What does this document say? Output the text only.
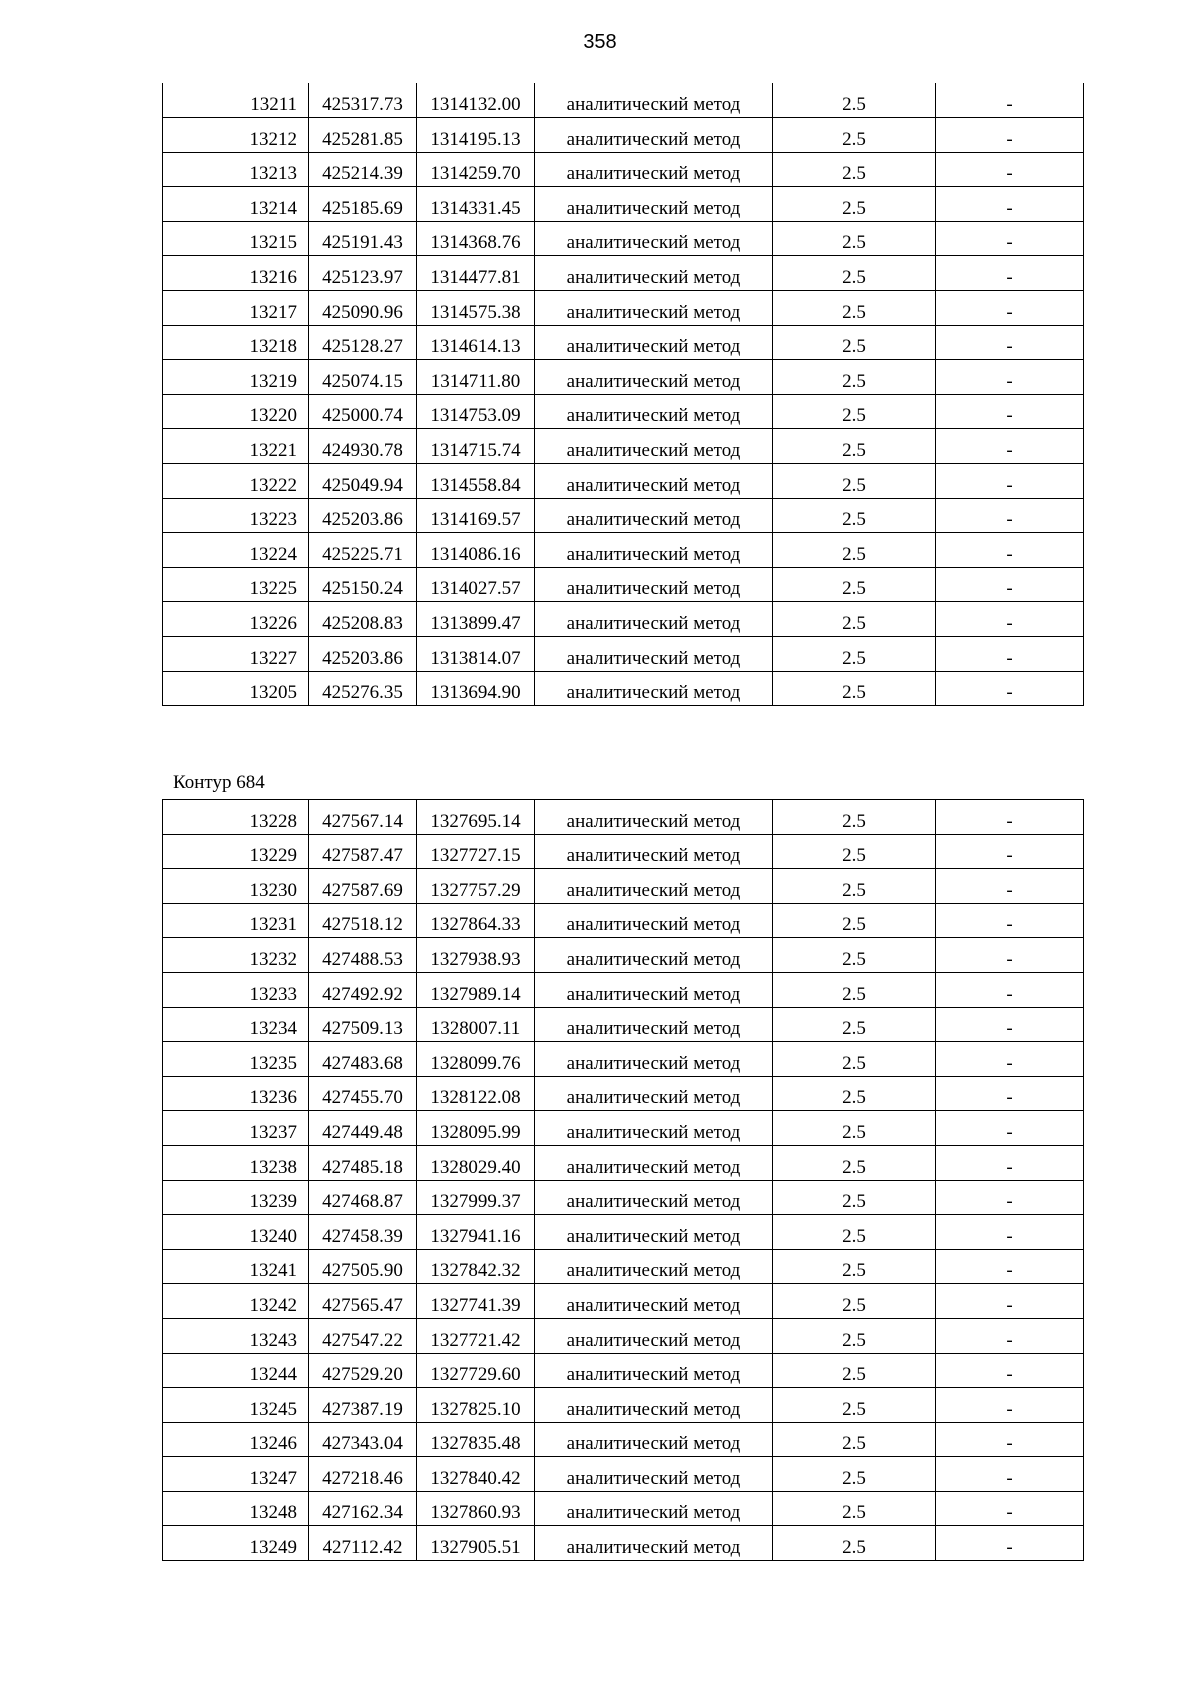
358
13211	425317.73	1314132.00	аналитический метод	2.5	-
13212	425281.85	1314195.13	аналитический метод	2.5	-
13213	425214.39	1314259.70	аналитический метод	2.5	-
13214	425185.69	1314331.45	аналитический метод	2.5	-
13215	425191.43	1314368.76	аналитический метод	2.5	-
13216	425123.97	1314477.81	аналитический метод	2.5	-
13217	425090.96	1314575.38	аналитический метод	2.5	-
13218	425128.27	1314614.13	аналитический метод	2.5	-
13219	425074.15	1314711.80	аналитический метод	2.5	-
13220	425000.74	1314753.09	аналитический метод	2.5	-
13221	424930.78	1314715.74	аналитический метод	2.5	-
13222	425049.94	1314558.84	аналитический метод	2.5	-
13223	425203.86	1314169.57	аналитический метод	2.5	-
13224	425225.71	1314086.16	аналитический метод	2.5	-
13225	425150.24	1314027.57	аналитический метод	2.5	-
13226	425208.83	1313899.47	аналитический метод	2.5	-
13227	425203.86	1313814.07	аналитический метод	2.5	-
13205	425276.35	1313694.90	аналитический метод	2.5	-
Контур 684
13228	427567.14	1327695.14	аналитический метод	2.5	-
13229	427587.47	1327727.15	аналитический метод	2.5	-
13230	427587.69	1327757.29	аналитический метод	2.5	-
13231	427518.12	1327864.33	аналитический метод	2.5	-
13232	427488.53	1327938.93	аналитический метод	2.5	-
13233	427492.92	1327989.14	аналитический метод	2.5	-
13234	427509.13	1328007.11	аналитический метод	2.5	-
13235	427483.68	1328099.76	аналитический метод	2.5	-
13236	427455.70	1328122.08	аналитический метод	2.5	-
13237	427449.48	1328095.99	аналитический метод	2.5	-
13238	427485.18	1328029.40	аналитический метод	2.5	-
13239	427468.87	1327999.37	аналитический метод	2.5	-
13240	427458.39	1327941.16	аналитический метод	2.5	-
13241	427505.90	1327842.32	аналитический метод	2.5	-
13242	427565.47	1327741.39	аналитический метод	2.5	-
13243	427547.22	1327721.42	аналитический метод	2.5	-
13244	427529.20	1327729.60	аналитический метод	2.5	-
13245	427387.19	1327825.10	аналитический метод	2.5	-
13246	427343.04	1327835.48	аналитический метод	2.5	-
13247	427218.46	1327840.42	аналитический метод	2.5	-
13248	427162.34	1327860.93	аналитический метод	2.5	-
13249	427112.42	1327905.51	аналитический метод	2.5	-
